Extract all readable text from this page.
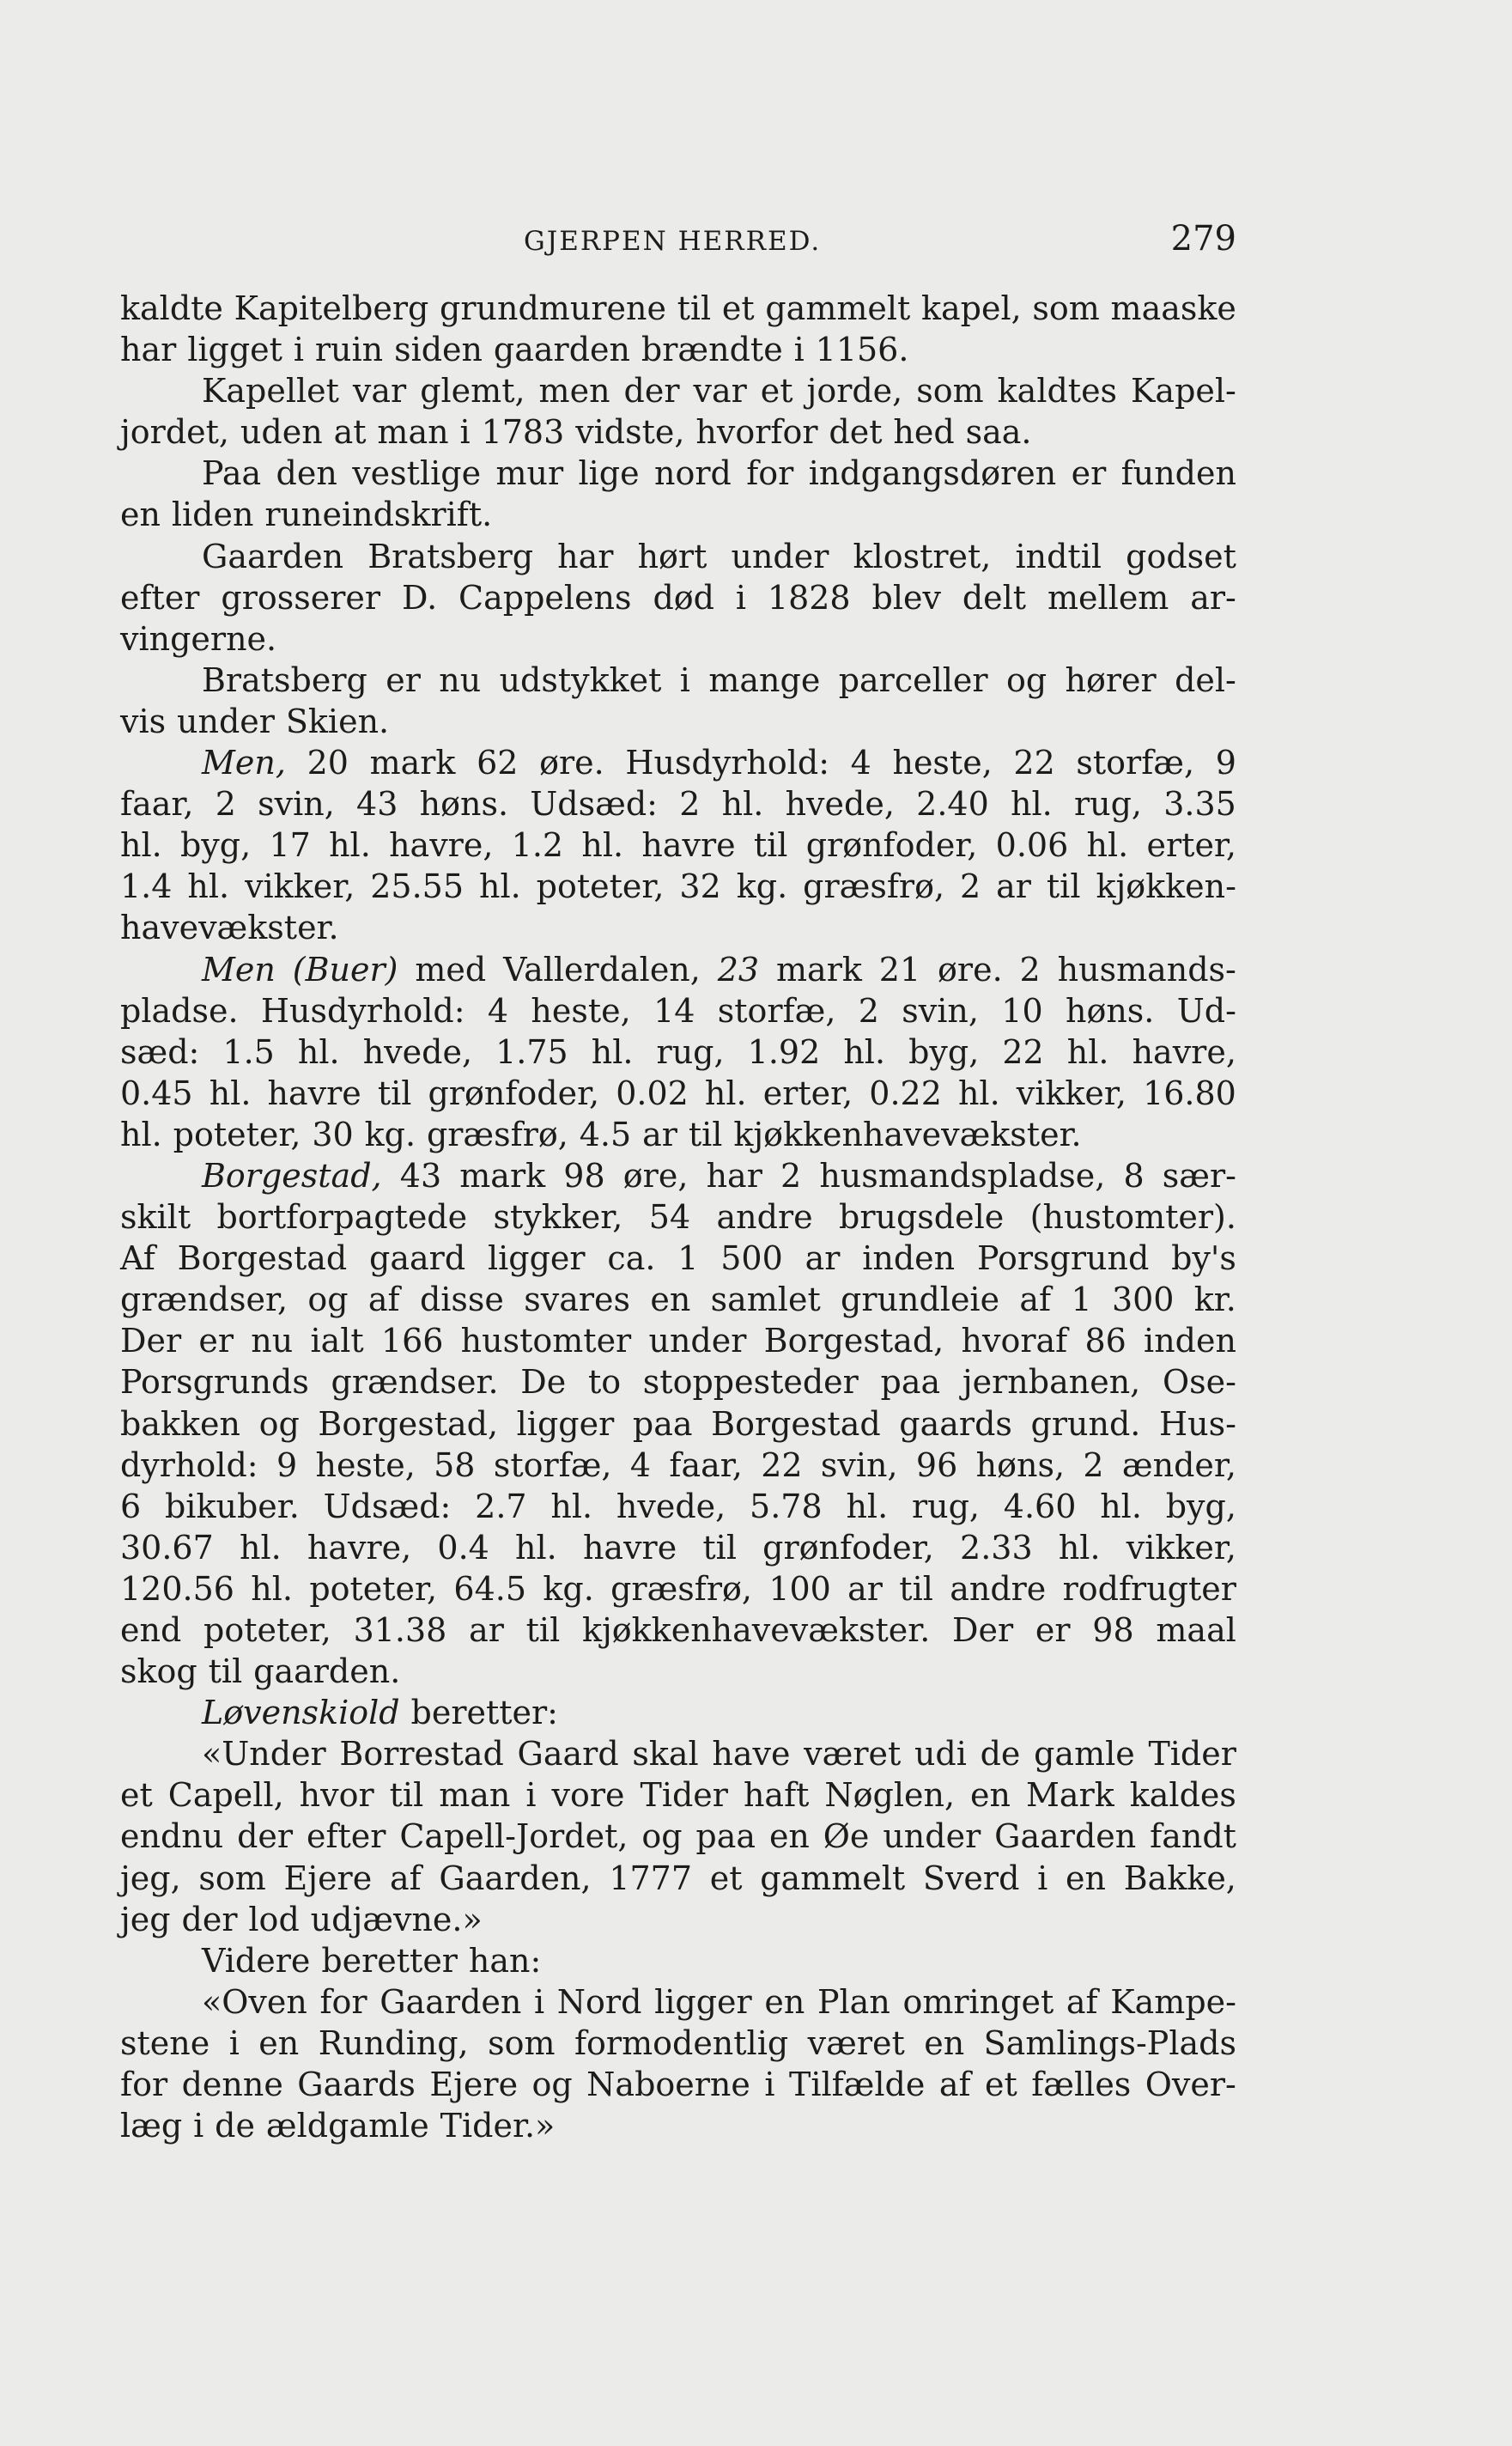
GJERPEN HERRED.	279
kaldte Kapitelberg grundmurene til et gammelt kapel, som maaske
har ligget i ruin siden gaarden brændte i 1156.
Kapellet var glemt, men der var et jorde, som kaldtes Kapel-
jordet, uden at man i 1783 vidste, hvorfor det hed saa.
Paa den vestlige mur lige nord for indgangsdøren er funden
en liden runeindskrift.
Gaarden Bratsberg har hørt under klostret, indtil godset
efter grosserer D. Cappelens død i 1828 blev delt mellem ar-
vingerne.
Bratsberg er nu udstykket i mange parceller og hører del-
vis under Skien.
Men, 20 mark 62 øre. Husdyrhold: 4 heste, 22 storfæ, 9
faar, 2 svin, 43 høns. Udsæd: 2 hl. hvede, 2.40 hl. rug, 3.35
hl. byg, 17 hl. havre, 1.2 hl. havre til grønfoder, 0.06 hl. erter,
1.4 hl. vikker, 25.55 hl. poteter, 32 kg. græsfrø, 2 ar til kjøkken-
havevækster.
Men (Buer) med Vallerdalen, 23 mark 21 øre. 2 husmands-
pladse. Husdyrhold: 4 heste, 14 storfæ, 2 svin, 10 høns. Ud-
sæd: 1.5 hl. hvede, 1.75 hl. rug, 1.92 hl. byg, 22 hl. havre,
0.45 hl. havre til grønfoder, 0.02 hl. erter, 0.22 hl. vikker, 16.80
hl. poteter, 30 kg. græsfrø, 4.5 ar til kjøkkenhavevækster.
Borgestad, 43 mark 98 øre, har 2 husmandspladse, 8 sær-
skilt bortforpagtede stykker, 54 andre brugsdele (hustomter).
Af Borgestad gaard ligger ca. 1 500 ar inden Porsgrund by's
grændser, og af disse svares en samlet grundleie af 1 300 kr.
Der er nu ialt 166 hustomter under Borgestad, hvoraf 86 inden
Porsgrunds grændser. De to stoppesteder paa jernbanen, Ose-
bakken og Borgestad, ligger paa Borgestad gaards grund. Hus-
dyrhold: 9 heste, 58 storfæ, 4 faar, 22 svin, 96 høns, 2 ænder,
6 bikuber. Udsæd: 2.7 hl. hvede, 5.78 hl. rug, 4.60 hl. byg,
30.67 hl. havre, 0.4 hl. havre til grønfoder, 2.33 hl. vikker,
120.56 hl. poteter, 64.5 kg. græsfrø, 100 ar til andre rodfrugter
end poteter, 31.38 ar til kjøkkenhavevækster. Der er 98 maal
skog til gaarden.
Løvenskiold beretter:
«Under Borrestad Gaard skal have været udi de gamle Tider
et Capell, hvor til man i vore Tider haft Nøglen, en Mark kaldes
endnu der efter Capell-Jordet, og paa en Øe under Gaarden fandt
jeg, som Ejere af Gaarden, 1777 et gammelt Sverd i en Bakke,
jeg der lod udjævne.»
Videre beretter han:
«Oven for Gaarden i Nord ligger en Plan omringet af Kampe-
stene i en Runding, som formodentlig været en Samlings-Plads
for denne Gaards Ejere og Naboerne i Tilfælde af et fælles Over-
læg i de ældgamle Tider.»
